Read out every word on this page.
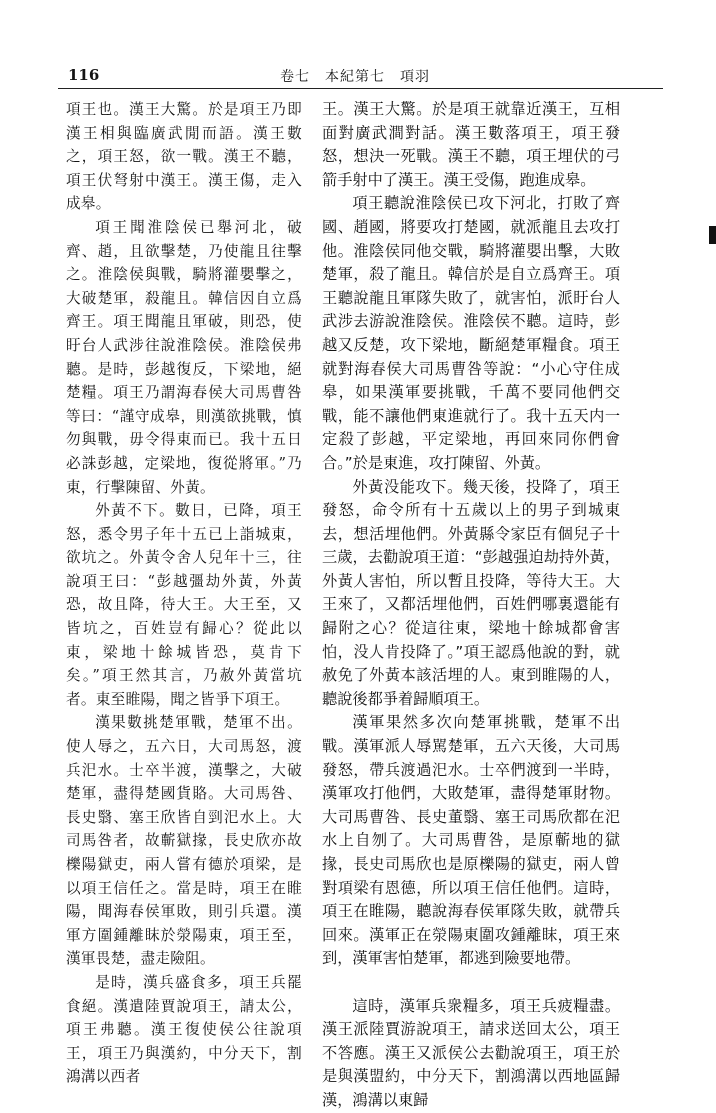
116	卷七　本紀第七　項羽

項王也。漢王大驚。於是項王乃即漢王相與臨廣武閒而語。漢王數之，項王怒，欲一戰。漢王不聽，項王伏弩射中漢王。漢王傷，走入成皋。

項王聞淮陰侯已舉河北，破齊、趙，且欲擊楚，乃使龍且往擊之。淮陰侯與戰，騎將灌嬰擊之，大破楚軍，殺龍且。韓信因自立爲齊王。項王聞龍且軍破，則恐，使盱台人武涉往說淮陰侯。淮陰侯弗聽。是時，彭越復反，下梁地，絕楚糧。項王乃謂海春侯大司馬曹咎等曰：“謹守成皋，則漢欲挑戰，慎勿與戰，毋令得東而已。我十五日必誅彭越，定梁地，復從將軍。”乃東，行擊陳留、外黃。

外黃不下。數日，已降，項王怒，悉令男子年十五已上詣城東，欲坑之。外黃令舍人兒年十三，往說項王曰：“彭越彊劫外黃，外黃恐，故且降，待大王。大王至，又皆坑之，百姓豈有歸心？從此以東，梁地十餘城皆恐，莫肯下矣。”項王然其言，乃赦外黃當坑者。東至睢陽，聞之皆爭下項王。

漢果數挑楚軍戰，楚軍不出。使人辱之，五六日，大司馬怒，渡兵汜水。士卒半渡，漢擊之，大破楚軍，盡得楚國貨賂。大司馬咎、長史翳、塞王欣皆自剄汜水上。大司馬咎者，故蘄獄掾，長史欣亦故櫟陽獄吏，兩人嘗有德於項梁，是以項王信任之。當是時，項王在睢陽，聞海春侯軍敗，則引兵還。漢軍方圍鍾離眜於滎陽東，項王至，漢軍畏楚，盡走險阻。

是時，漢兵盛食多，項王兵罷食絕。漢遣陸賈說項王，請太公，項王弗聽。漢王復使侯公往說項王，項王乃與漢約，中分天下，割鴻溝以西者

王。漢王大驚。於是項王就靠近漢王，互相面對廣武澗對話。漢王數落項王，項王發怒，想決一死戰。漢王不聽，項王埋伏的弓箭手射中了漢王。漢王受傷，跑進成皋。

項王聽說淮陰侯已攻下河北，打敗了齊國、趙國，將要攻打楚國，就派龍且去攻打他。淮陰侯同他交戰，騎將灌嬰出擊，大敗楚軍，殺了龍且。韓信於是自立爲齊王。項王聽說龍且軍隊失敗了，就害怕，派盱台人武涉去游說淮陰侯。淮陰侯不聽。這時，彭越又反楚，攻下梁地，斷絕楚軍糧食。項王就對海春侯大司馬曹咎等說：“小心守住成皋，如果漢軍要挑戰，千萬不要同他們交戰，能不讓他們東進就行了。我十五天内一定殺了彭越，平定梁地，再回來同你們會合。”於是東進，攻打陳留、外黃。

外黃没能攻下。幾天後，投降了，項王發怒，命令所有十五歲以上的男子到城東去，想活埋他們。外黃縣令家臣有個兒子十三歲，去勸說項王道：“彭越强迫劫持外黃，外黃人害怕，所以暫且投降，等待大王。大王來了，又都活埋他們，百姓們哪裏還能有歸附之心？從這往東，梁地十餘城都會害怕，没人肯投降了。”項王認爲他說的對，就赦免了外黃本該活埋的人。東到睢陽的人，聽說後都爭着歸順項王。

漢軍果然多次向楚軍挑戰，楚軍不出戰。漢軍派人辱駡楚軍，五六天後，大司馬發怒，帶兵渡過汜水。士卒們渡到一半時，漢軍攻打他們，大敗楚軍，盡得楚軍財物。大司馬曹咎、長史董翳、塞王司馬欣都在汜水上自刎了。大司馬曹咎，是原蘄地的獄掾，長史司馬欣也是原櫟陽的獄吏，兩人曾對項梁有恩德，所以項王信任他們。這時，項王在睢陽，聽說海春侯軍隊失敗，就帶兵回來。漢軍正在滎陽東圍攻鍾離眜，項王來到，漢軍害怕楚軍，都逃到險要地帶。

這時，漢軍兵衆糧多，項王兵疲糧盡。漢王派陸賈游說項王，請求送回太公，項王不答應。漢王又派侯公去勸說項王，項王於是與漢盟約，中分天下，割鴻溝以西地區歸漢，鴻溝以東歸
